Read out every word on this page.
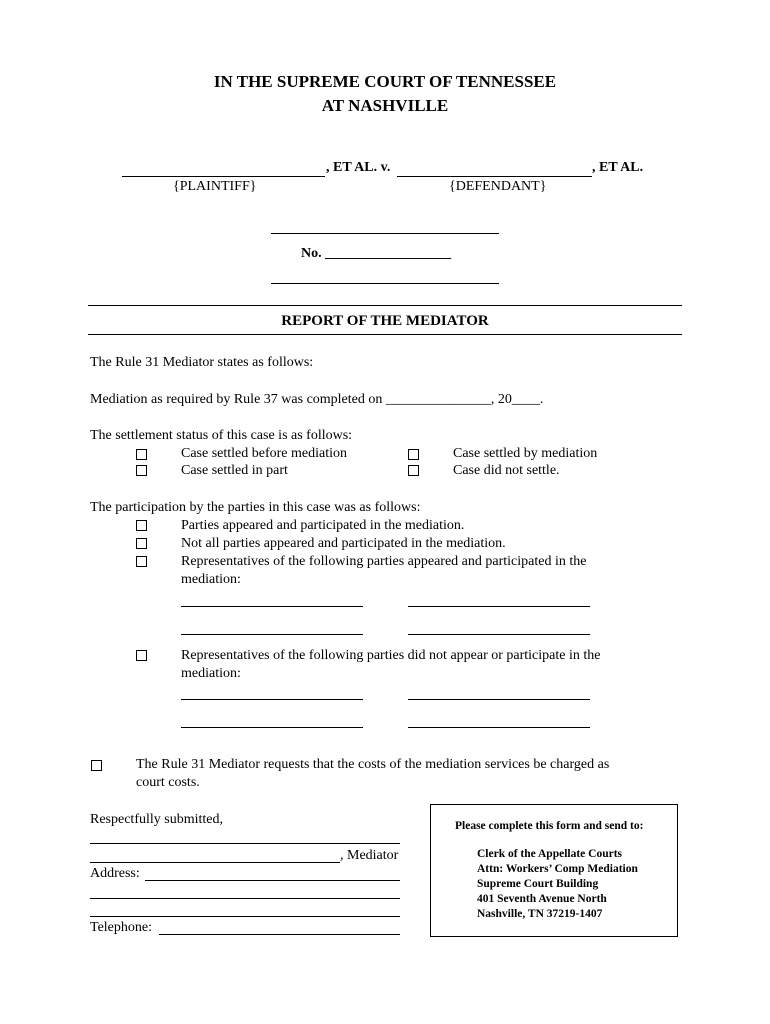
IN THE SUPREME COURT OF TENNESSEE
AT NASHVILLE
, ET AL. v.	, ET AL.
{PLAINTIFF}	{DEFENDANT}
No. __________________
REPORT OF THE MEDIATOR
The Rule 31 Mediator states as follows:
Mediation as required by Rule 37 was completed on _______________, 20____.
The settlement status of this case is as follows:
Case settled before mediation
Case settled in part
Case settled by mediation
Case did not settle.
The participation by the parties in this case was as follows:
Parties appeared and participated in the mediation.
Not all parties appeared and participated in the mediation.
Representatives of the following parties appeared and participated in the
mediation:
Representatives of the following parties did not appear or participate in the
mediation:
The Rule 31 Mediator requests that the costs of the mediation services be charged as
court costs.
Respectfully submitted,
, Mediator
Address:
Telephone:
Please complete this form and send to:
Clerk of the Appellate Courts
Attn: Workers’ Comp Mediation
Supreme Court Building
401 Seventh Avenue North
Nashville, TN 37219-1407
